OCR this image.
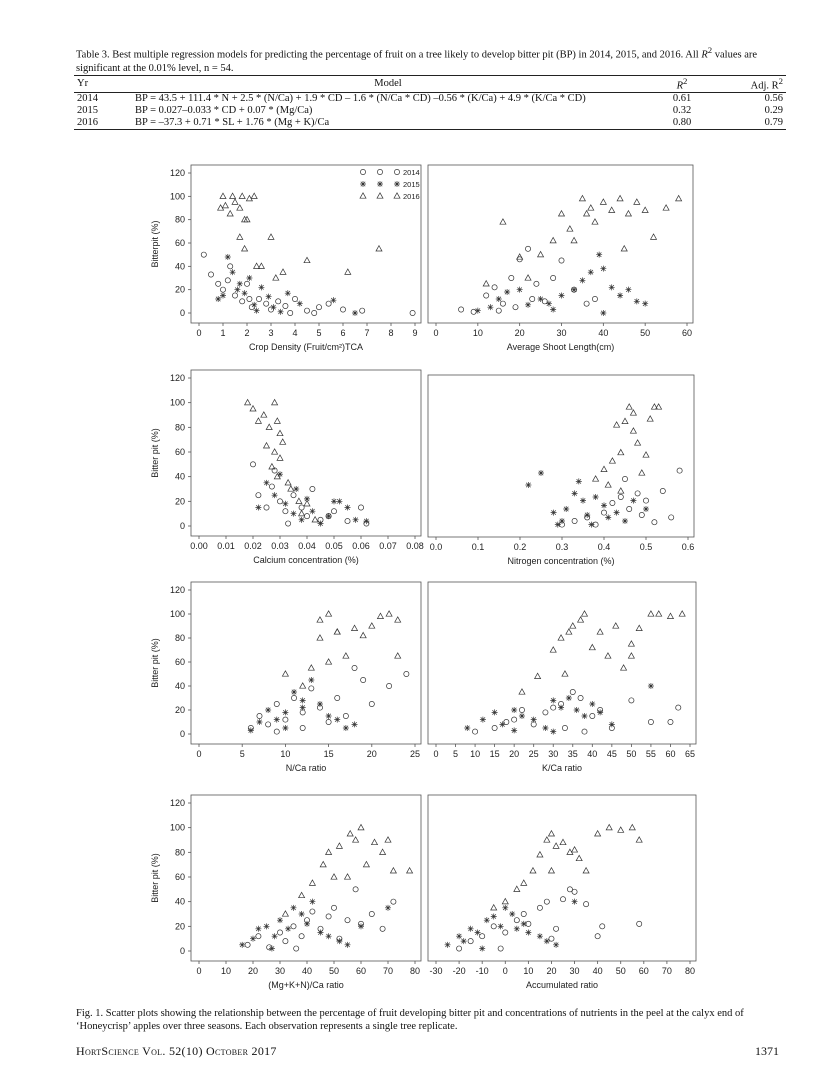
Table 3. Best multiple regression models for predicting the percentage of fruit on a tree likely to develop bitter pit (BP) in 2014, 2015, and 2016. All $R^2$ values are significant at the 0.01% level, n = 54.
Yr	Model	$R^2$	Adj. $R^2$
2014	BP = 43.5 + 111.4 * N + 2.5 * (N/Ca) + 1.9 * CD – 1.6 * (N/Ca * CD) –0.56 * (K/Ca) + 4.9 * (K/Ca * CD)	0.61	0.56
2015	BP = 0.027–0.033 * CD + 0.07 * (Mg/Ca)	0.32	0.29
2016	BP = –37.3 + 0.71 * SL + 1.76 * (Mg + K)/Ca	0.80	0.79
0 1 2 3 4 5 6 7 8 9
0
20
40
60
80
100
120
Crop Density (Fruit/cm²)TCA
Bitterpit (%)
0	10	20	30	40	50	60
Average Shoot Length(cm)
0.00 0.01 0.02 0.03 0.04 0.05 0.06 0.07 0.08
0
20
40
60
80
100
120
Calcium concentration (%)
Bitter pit (%)
0.0	0.1	0.2	0.3	0.4	0.5	0.6
Nitrogen concentration (%)
0	5	10	15	20	25
0
20
40
60
80
100
120
N/Ca ratio
Bitter pit (%)
0 5 10 15 20 25 30 35 40 45 50 55 60 65
K/Ca ratio
0 10 20 30 40 50 60 70 80
0
20
40
60
80
100
120
(Mg+K+N)/Ca ratio
Bitter pit (%)
-30 -20 -10 0 10 20 30 40 50 60 70 80
Accumulated ratio
2014
2015
2016
Fig. 1. Scatter plots showing the relationship between the percentage of fruit developing bitter pit and concentrations of nutrients in the peel at the calyx end of ‘Honeycrisp’ apples over three seasons. Each observation represents a single tree replicate.
HortScience Vol. 52(10) October 2017	1371
